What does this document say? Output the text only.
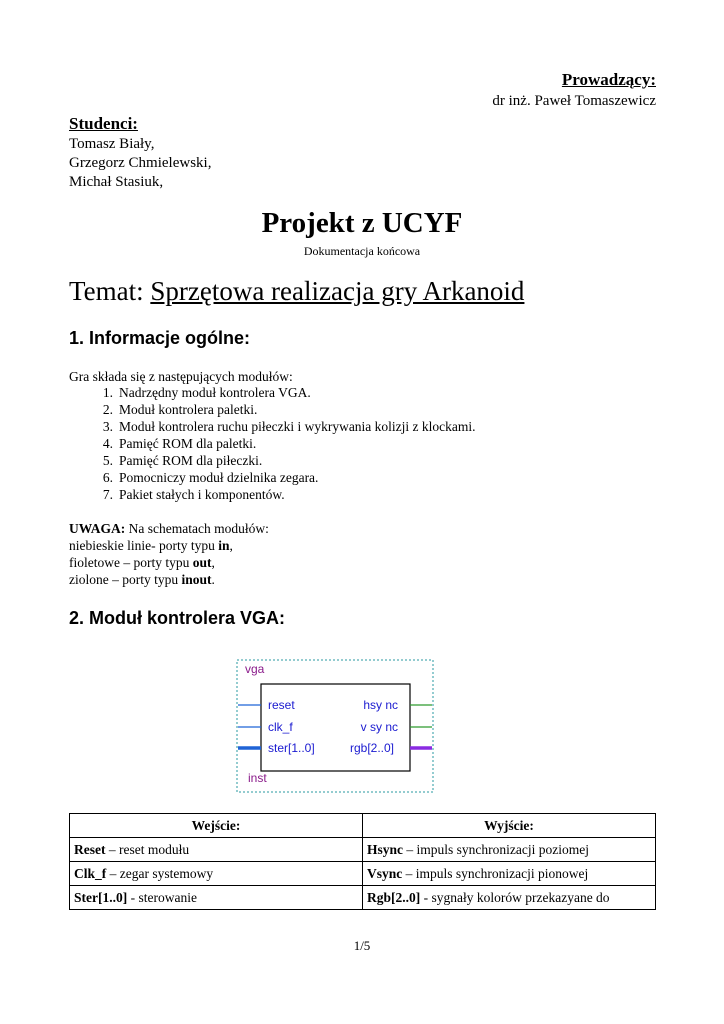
Prowadzący:
dr inż. Paweł Tomaszewicz
Studenci:
Tomasz Biały,
Grzegorz Chmielewski,
Michał Stasiuk,
Projekt z UCYF
Dokumentacja końcowa
Temat: Sprzętowa realizacja gry Arkanoid
1. Informacje ogólne:
Gra składa się z następujących modułów:
1. Nadrzędny moduł kontrolera VGA.
2. Moduł kontrolera paletki.
3. Moduł kontrolera ruchu piłeczki i wykrywania kolizji z klockami.
4. Pamięć ROM dla paletki.
5. Pamięć ROM dla piłeczki.
6. Pomocniczy moduł dzielnika zegara.
7. Pakiet stałych i komponentów.
UWAGA: Na schematach modułów:
niebieskie linie- porty typu in,
fioletowe – porty typu out,
ziolone – porty typu inout.
2. Moduł kontrolera VGA:
vga
reset
clk_f
ster[1..0]
hsy nc
v sy nc
rgb[2..0]
inst
Wejście:	Wyjście:
Reset – reset modułu	Hsync – impuls synchronizacji poziomej
Clk_f – zegar systemowy	Vsync – impuls synchronizacji pionowej
Ster[1..0] - sterowanie	Rgb[2..0] - sygnały kolorów przekazyane do
1/5
